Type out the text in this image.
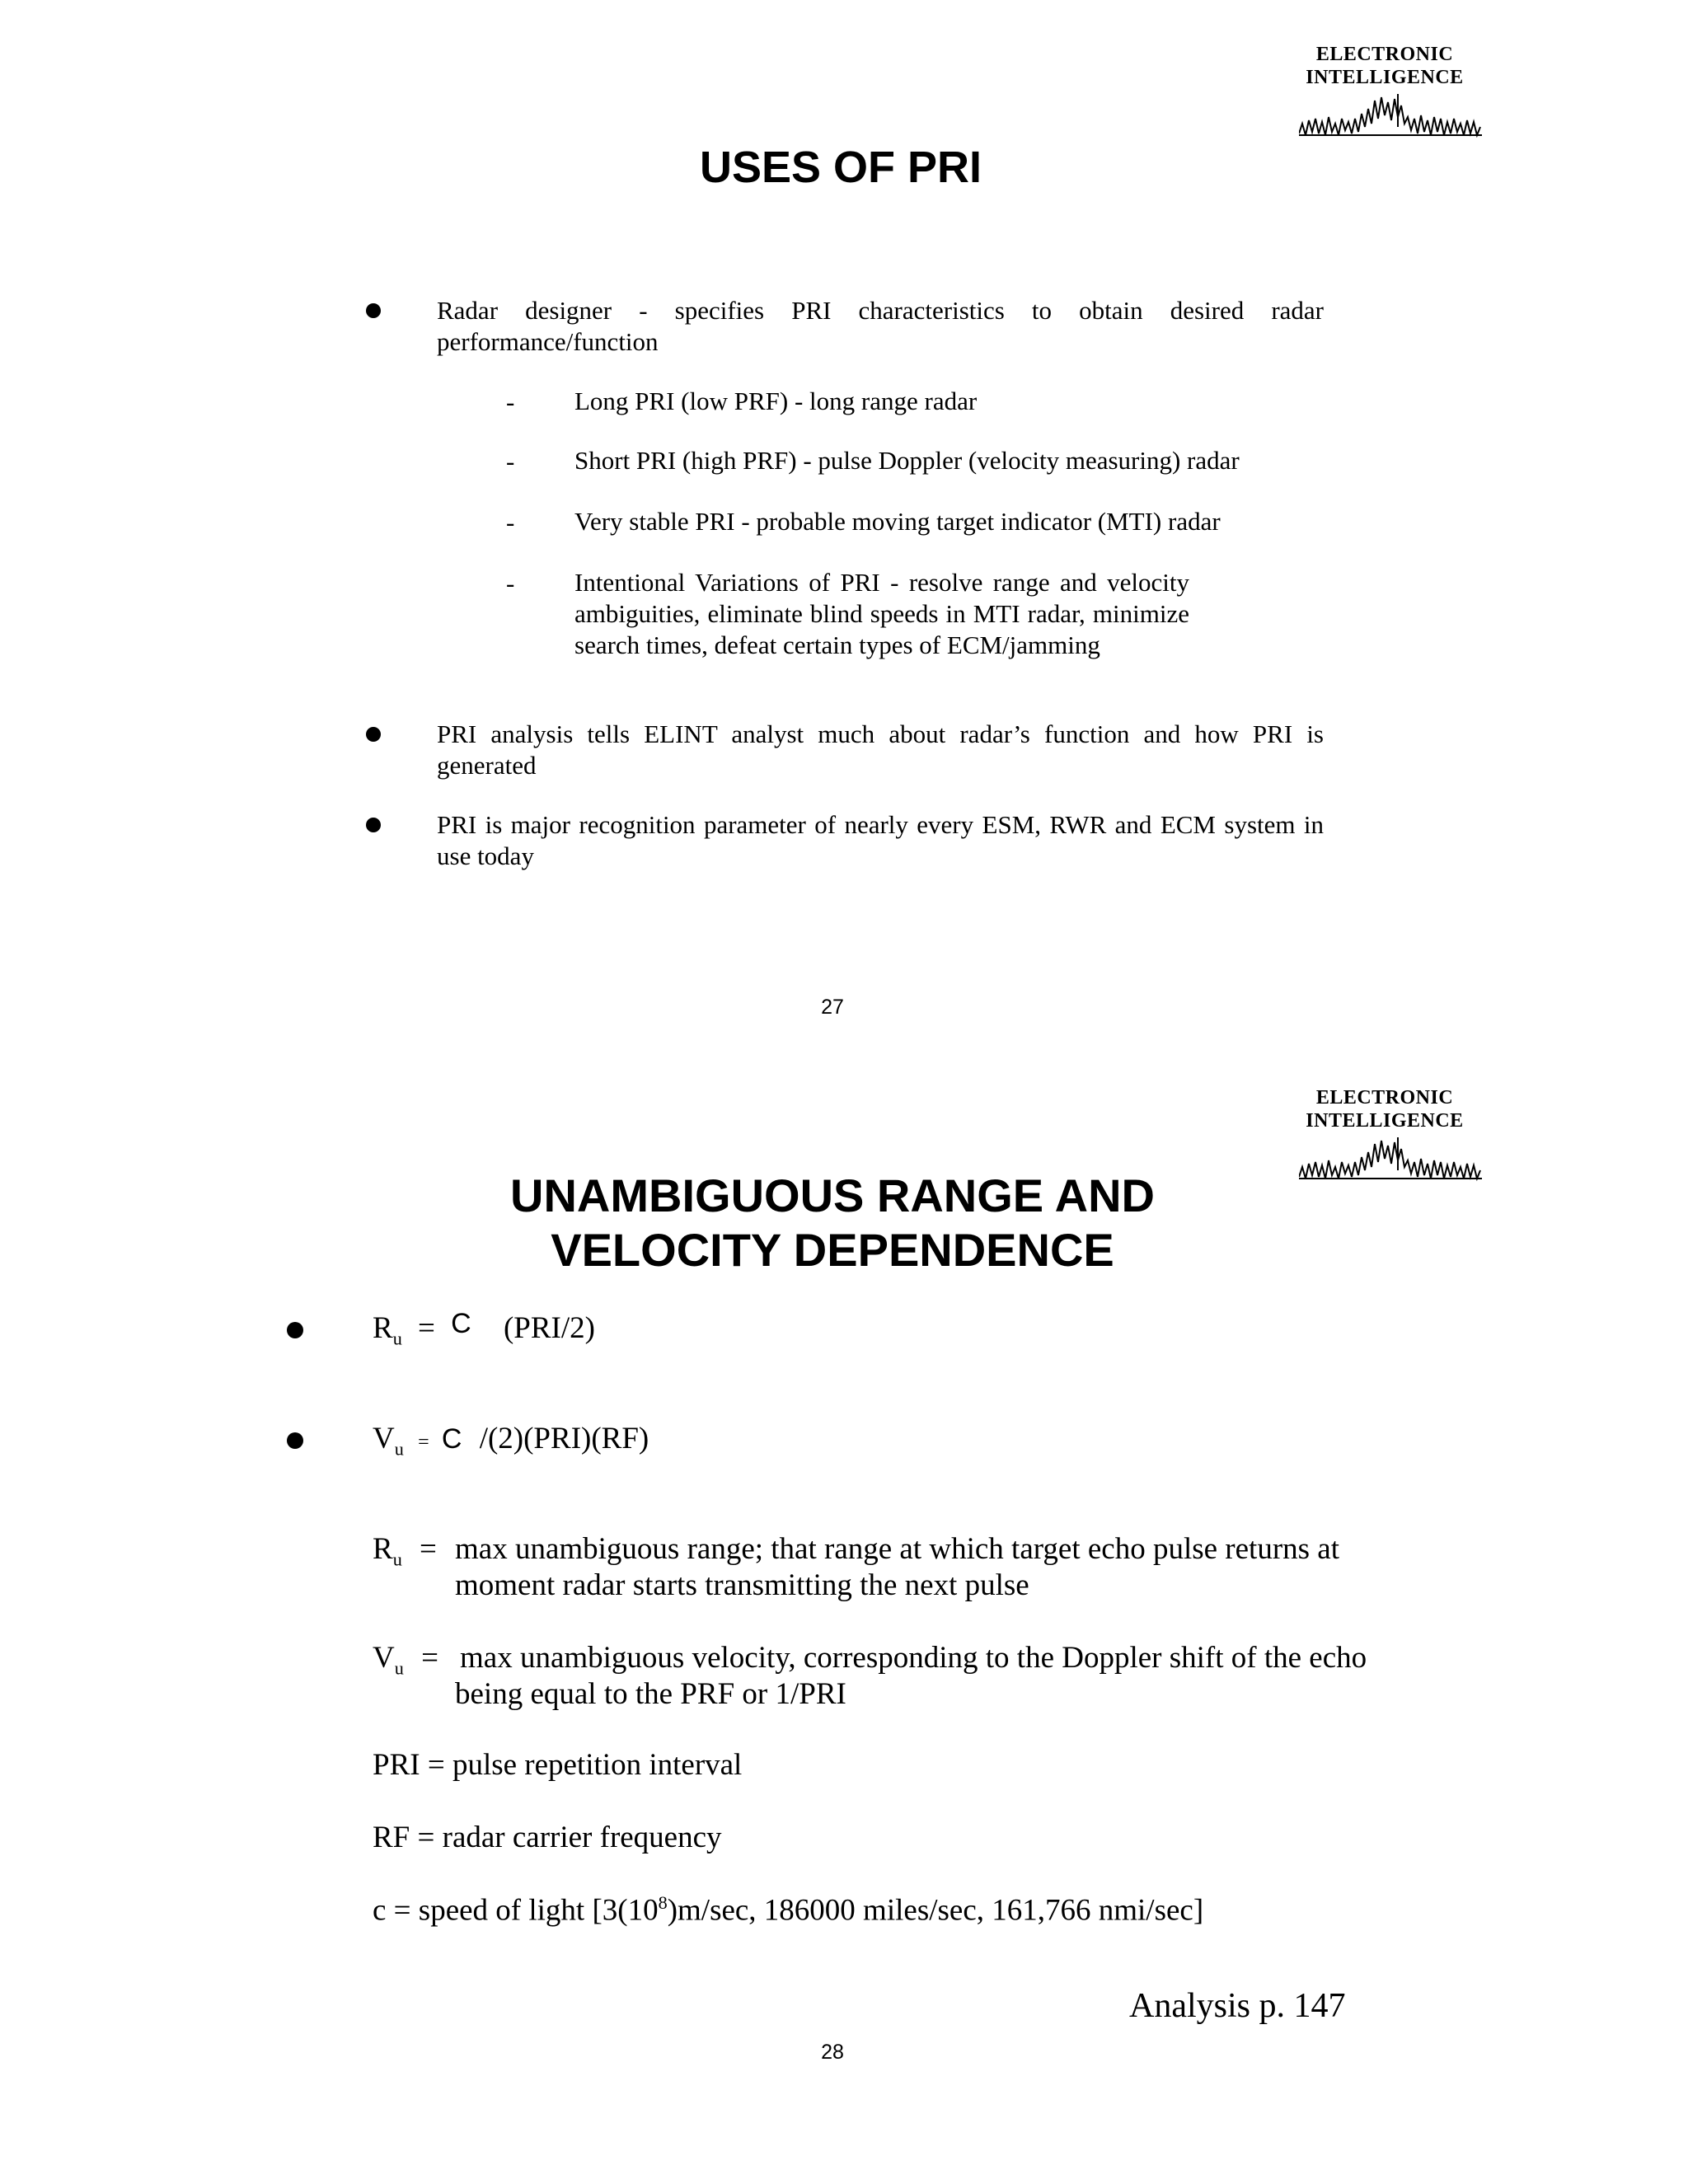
ELECTRONIC
INTELLIGENCE
USES OF PRI
Radar designer - specifies PRI characteristics to obtain desired radar performance/function
- Long PRI (low PRF) - long range radar
- Short PRI (high PRF) - pulse Doppler (velocity measuring) radar
- Very stable PRI - probable moving target indicator (MTI) radar
- Intentional Variations of PRI - resolve range and velocity ambiguities, eliminate blind speeds in MTI radar, minimize search times, defeat certain types of ECM/jamming
PRI analysis tells ELINT analyst much about radar’s function and how PRI is generated
PRI is major recognition parameter of nearly every ESM, RWR and ECM system in use today
27
ELECTRONIC
INTELLIGENCE
UNAMBIGUOUS RANGE AND
VELOCITY DEPENDENCE
$R_u = C$ (PRI/2)
$V_u = C$ /(2)(PRI)(RF)
$R_u = \max$ unambiguous range; that range at which target echo pulse returns at moment radar starts transmitting the next pulse
$V_u = \max$ unambiguous velocity, corresponding to the Doppler shift of the echo being equal to the PRF or 1/PRI
PRI = pulse repetition interval
RF = radar carrier frequency
c = speed of light [$3(10^8)m/\sec$, 186000 miles/sec, 161,766 nmi/sec]
Analysis p. 147
28
